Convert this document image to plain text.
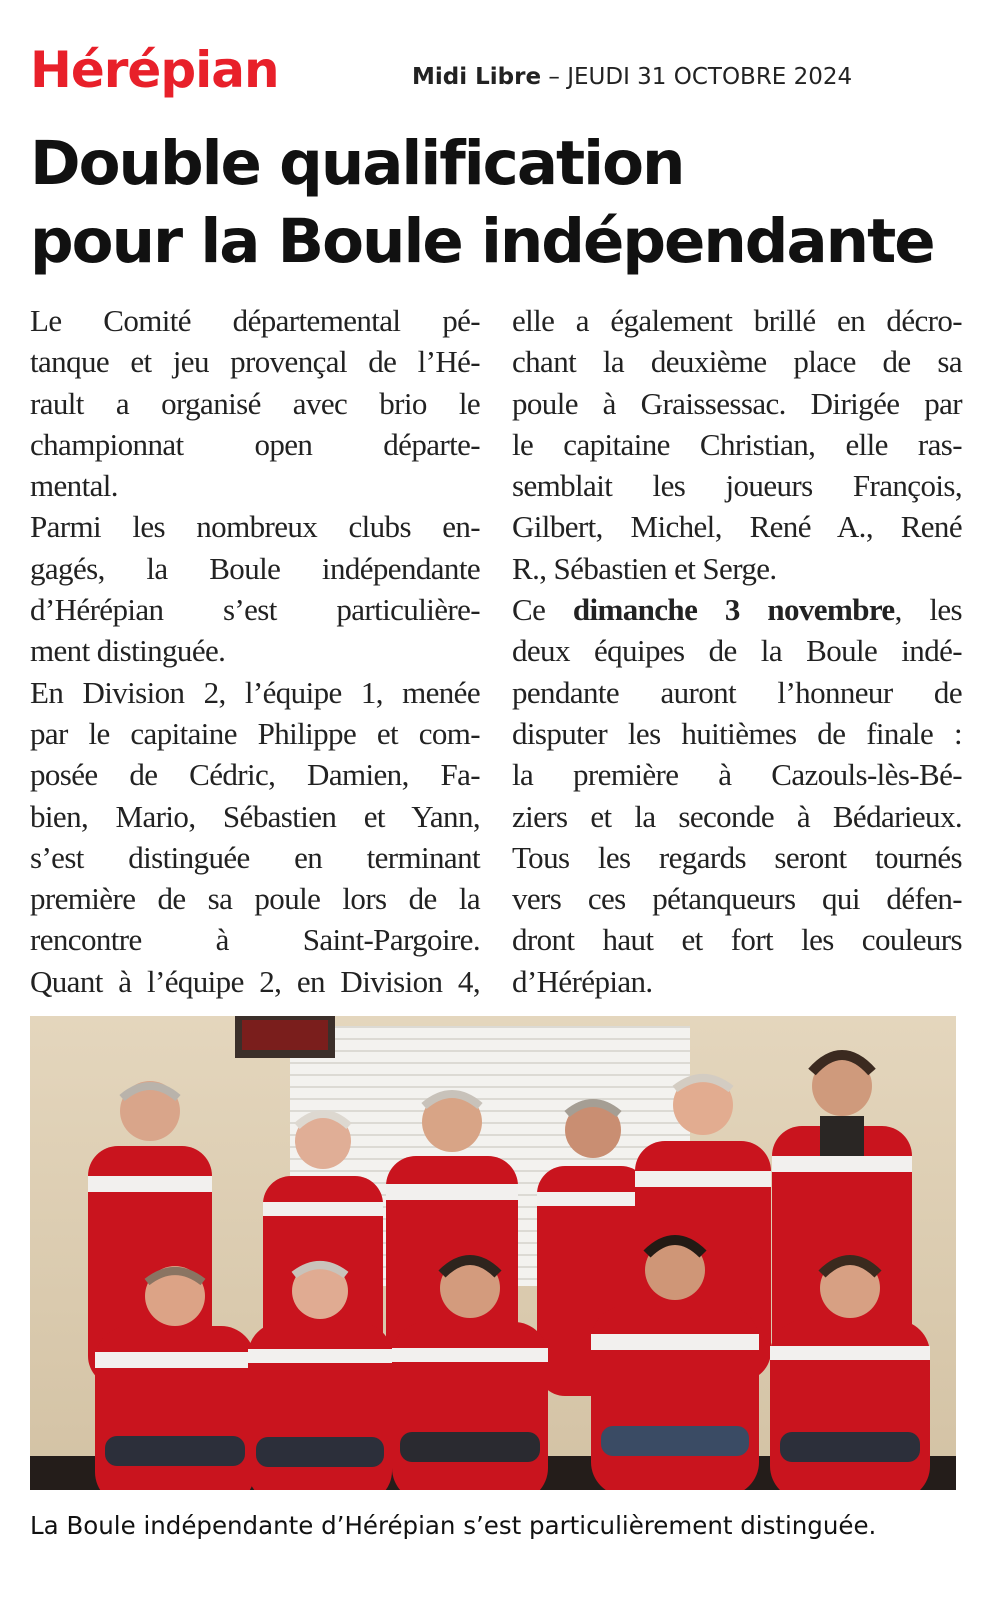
Hérépian	Midi Libre – JEUDI 31 OCTOBRE 2024
Double qualification
pour la Boule indépendante
Le Comité départemental pé-
tanque et jeu provençal de l’Hé-
rault a organisé avec brio le
championnat open départe-
mental.
Parmi les nombreux clubs en-
gagés, la Boule indépendante
d’Hérépian s’est particulière-
ment distinguée.
En Division 2, l’équipe 1, menée
par le capitaine Philippe et com-
posée de Cédric, Damien, Fa-
bien, Mario, Sébastien et Yann,
s’est distinguée en terminant
première de sa poule lors de la
rencontre à Saint-Pargoire.
Quant à l’équipe 2, en Division 4,
elle a également brillé en décro-
chant la deuxième place de sa
poule à Graissessac. Dirigée par
le capitaine Christian, elle ras-
semblait les joueurs François,
Gilbert, Michel, René A., René
R., Sébastien et Serge.
Ce dimanche 3 novembre, les
deux équipes de la Boule indé-
pendante auront l’honneur de
disputer les huitièmes de finale :
la première à Cazouls-lès-Bé-
ziers et la seconde à Bédarieux.
Tous les regards seront tournés
vers ces pétanqueurs qui défen-
dront haut et fort les couleurs
d’Hérépian.

La Boule indépendante d’Hérépian s’est particulièrement distinguée.
